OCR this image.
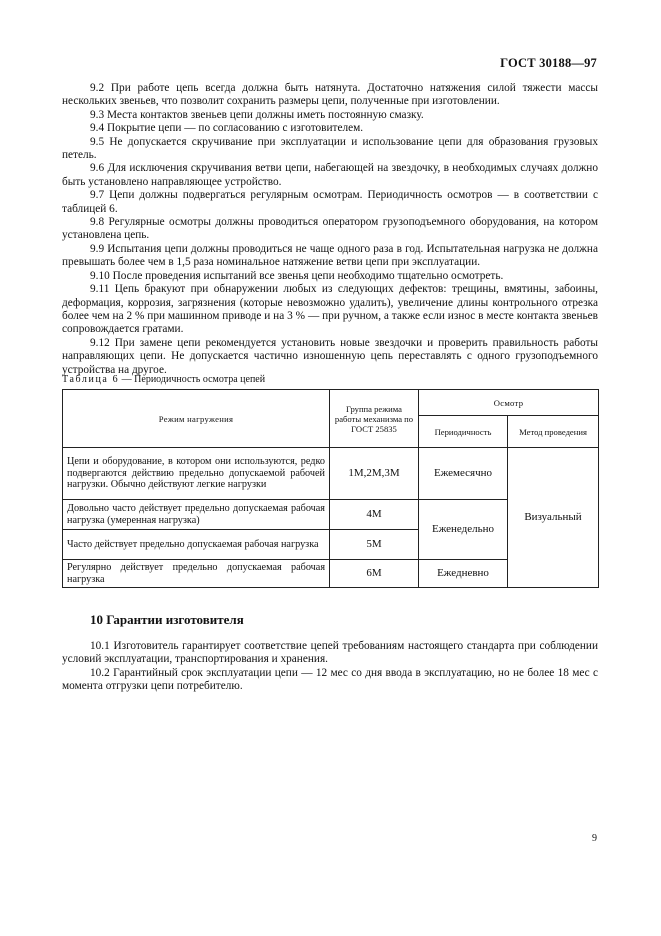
ГОСТ 30188—97

9.2 При работе цепь всегда должна быть натянута. Достаточно натяжения силой тяжести массы нескольких звеньев, что позволит сохранить размеры цепи, полученные при изготовлении.

9.3 Места контактов звеньев цепи должны иметь постоянную смазку.

9.4 Покрытие цепи — по согласованию с изготовителем.

9.5 Не допускается скручивание при эксплуатации и использование цепи для образования грузовых петель.

9.6 Для исключения скручивания ветви цепи, набегающей на звездочку, в необходимых случаях должно быть установлено направляющее устройство.

9.7 Цепи должны подвергаться регулярным осмотрам. Периодичность осмотров — в соответствии с таблицей 6.

9.8 Регулярные осмотры должны проводиться оператором грузоподъемного оборудования, на котором установлена цепь.

9.9 Испытания цепи должны проводиться не чаще одного раза в год. Испытательная нагрузка не должна превышать более чем в 1,5 раза номинальное натяжение ветви цепи при эксплуатации.

9.10 После проведения испытаний все звенья цепи необходимо тщательно осмотреть.

9.11 Цепь бракуют при обнаружении любых из следующих дефектов: трещины, вмятины, забоины, деформация, коррозия, загрязнения (которые невозможно удалить), увеличение длины контрольного отрезка более чем на 2 % при машинном приводе и на 3 % — при ручном, а также если износ в месте контакта звеньев сопровождается гратами.

9.12 При замене цепи рекомендуется установить новые звездочки и проверить правильность работы направляющих цепи. Не допускается частично изношенную цепь переставлять с одного грузоподъемного устройства на другое.

Таблица 6 — Периодичность осмотра цепей
Режим нагружения	Группа режима работы механизма по ГОСТ 25835	Осмотр	
		Периодичность	Метод проведения
Цепи и оборудование, в котором они используются, редко подвергаются действию предельно допускаемой рабочей нагрузки. Обычно действуют легкие нагрузки	1M,2M,3M	Ежемесячно	Визуальный
Довольно часто действует предельно допускаемая рабочая нагрузка (умеренная нагрузка)	4M	Еженедельно	
Часто действует предельно допускаемая рабочая нагрузка	5M		
Регулярно действует предельно допускаемая рабочая нагрузка	6M	Ежедневно	
10 Гарантии изготовителя

10.1 Изготовитель гарантирует соответствие цепей требованиям настоящего стандарта при соблюдении условий эксплуатации, транспортирования и хранения.

10.2 Гарантийный срок эксплуатации цепи — 12 мес со дня ввода в эксплуатацию, но не более 18 мес с момента отгрузки цепи потребителю.

9
